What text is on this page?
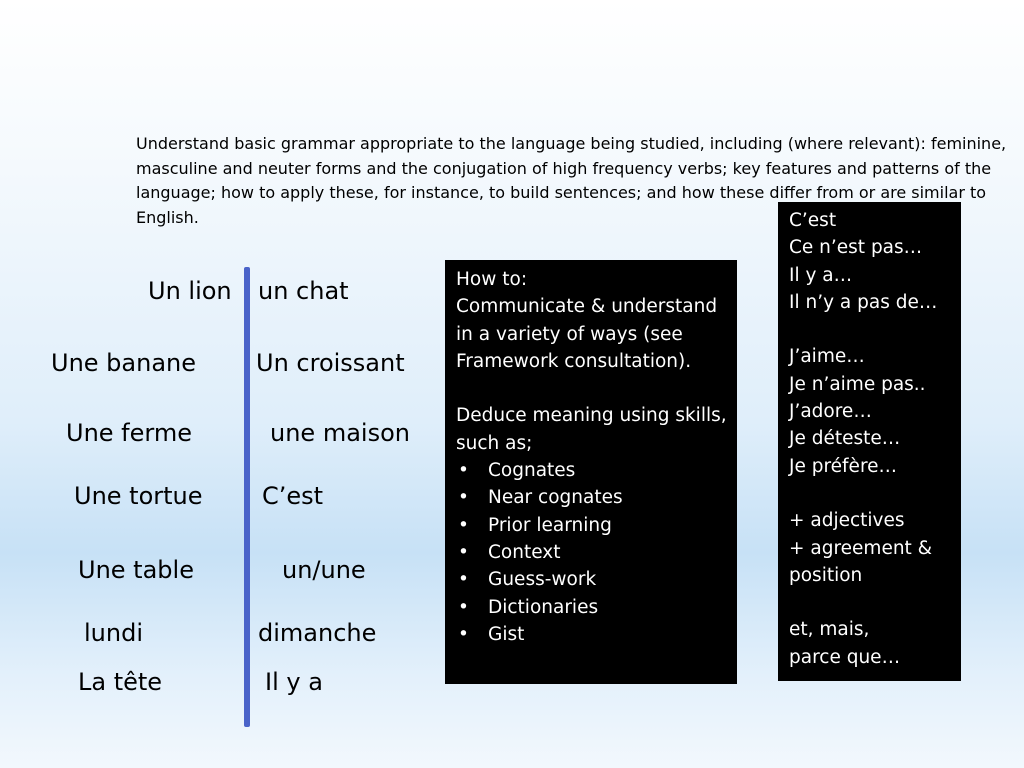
Understand basic grammar appropriate to the language being studied, including (where relevant): feminine, masculine and neuter forms and the conjugation of high frequency verbs; key features and patterns of the language; how to apply these, for instance, to build sentences; and how these differ from or are similar to English.
Un lion
Une banane
Une ferme
Une tortue
Une table
lundi
La tête
un chat
Un croissant
une maison
C’est
un/une
dimanche
Il y a

How to:

Communicate & understand in a variety of ways (see Framework consultation).

Deduce meaning using skills, such as;

• Cognates
• Near cognates
• Prior learning
• Context
• Guess-work
• Dictionaries
• Gist

C’est

Ce n’est pas…

Il y a…

Il n’y a pas de…

J’aime…

Je n’aime pas..

J’adore…

Je déteste…

Je préfère…

+ adjectives

+ agreement & position

et, mais,

parce que…
